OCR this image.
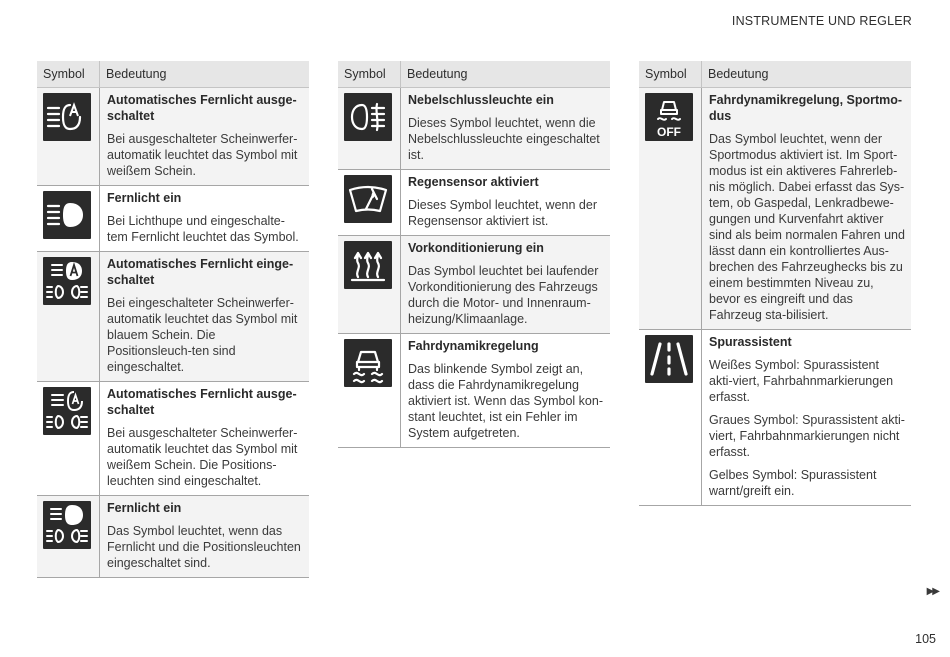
INSTRUMENTE UND REGLER
Symbol	Bedeutung

Automatisches Fernlicht ausge-schaltet

Bei ausgeschalteter Scheinwerfer-automatik leuchtet das Symbol mit weißem Schein.

Fernlicht ein

Bei Lichthupe und eingeschalte-tem Fernlicht leuchtet das Symbol.

Automatisches Fernlicht einge-schaltet

Bei eingeschalteter Scheinwerfer-automatik leuchtet das Symbol mit blauem Schein. Die Positionsleuch-ten sind eingeschaltet.

Automatisches Fernlicht ausge-schaltet

Bei ausgeschalteter Scheinwerfer-automatik leuchtet das Symbol mit weißem Schein. Die Positions-leuchten sind eingeschaltet.

Fernlicht ein

Das Symbol leuchtet, wenn das Fernlicht und die Positionsleuchten eingeschaltet sind.

Symbol	Bedeutung

Nebelschlussleuchte ein

Dieses Symbol leuchtet, wenn die Nebelschlussleuchte eingeschaltet ist.

Regensensor aktiviert

Dieses Symbol leuchtet, wenn der Regensensor aktiviert ist.

Vorkonditionierung ein

Das Symbol leuchtet bei laufender Vorkonditionierung des Fahrzeugs durch die Motor- und Innenraum-heizung/Klimaanlage.

Fahrdynamikregelung

Das blinkende Symbol zeigt an, dass die Fahrdynamikregelung aktiviert ist. Wenn das Symbol kon-stant leuchtet, ist ein Fehler im System aufgetreten.

Symbol	Bedeutung

OFF	Fahrdynamikregelung, Sportmo-dus

Das Symbol leuchtet, wenn der Sportmodus aktiviert ist. Im Sport-modus ist ein aktiveres Fahrerleb-nis möglich. Dabei erfasst das Sys-tem, ob Gaspedal, Lenkradbewe-gungen und Kurvenfahrt aktiver sind als beim normalen Fahren und lässt dann ein kontrolliertes Aus-brechen des Fahrzeughecks bis zu einem bestimmten Niveau zu, bevor es eingreift und das Fahrzeug sta-bilisiert.

Spurassistent

Weißes Symbol: Spurassistent akti-viert, Fahrbahnmarkierungen erfasst.

Graues Symbol: Spurassistent akti-viert, Fahrbahnmarkierungen nicht erfasst.

Gelbes Symbol: Spurassistent warnt/greift ein.

▶▶
105
